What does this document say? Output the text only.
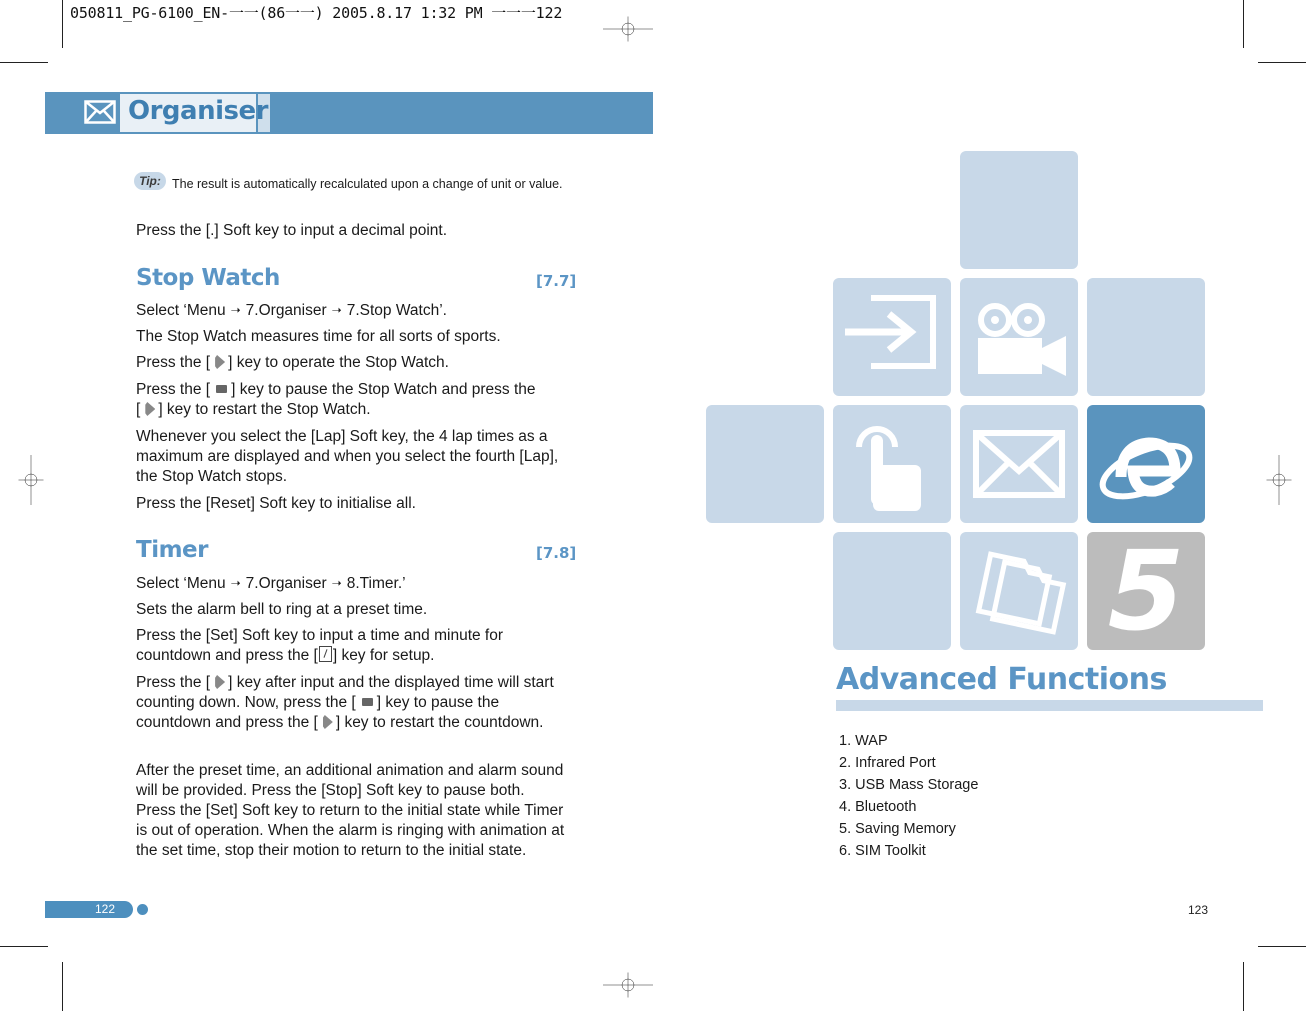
050811_PG-6100_EN-一一(86一一) 2005.8.17 1:32 PM 一一一122
Organiser
The result is automatically recalculated upon a change of unit or value.
Tip:
Press the [.] Soft key to input a decimal point.
Stop Watch	[7.7]
Select ‘Menu ➝ 7.Organiser ➝ 7.Stop Watch’.
The Stop Watch measures time for all sorts of sports.
Press the [ ] key to operate the Stop Watch.
Press the [ ] key to pause the Stop Watch and press the
[ ] key to restart the Stop Watch.
Whenever you select the [Lap] Soft key, the 4 lap times as a maximum are displayed and when you select the fourth [Lap], the Stop Watch stops.
Press the [Reset] Soft key to initialise all.
Timer	[7.8]
Select ‘Menu ➝ 7.Organiser ➝ 8.Timer.’
Sets the alarm bell to ring at a preset time.
Press the [Set] Soft key to input a time and minute for countdown and press the [ ] key for setup.
Press the [ ] key after input and the displayed time will start counting down. Now, press the [ ] key to pause the countdown and press the [ ] key to restart the countdown.
After the preset time, an additional animation and alarm sound will be provided. Press the [Stop] Soft key to pause both. Press the [Set] Soft key to return to the initial state while Timer is out of operation. When the alarm is ringing with animation at the set time, stop their motion to return to the initial state.
122
5
Advanced Functions
1. WAP
2. Infrared Port
3. USB Mass Storage
4. Bluetooth
5. Saving Memory
6. SIM Toolkit
123
